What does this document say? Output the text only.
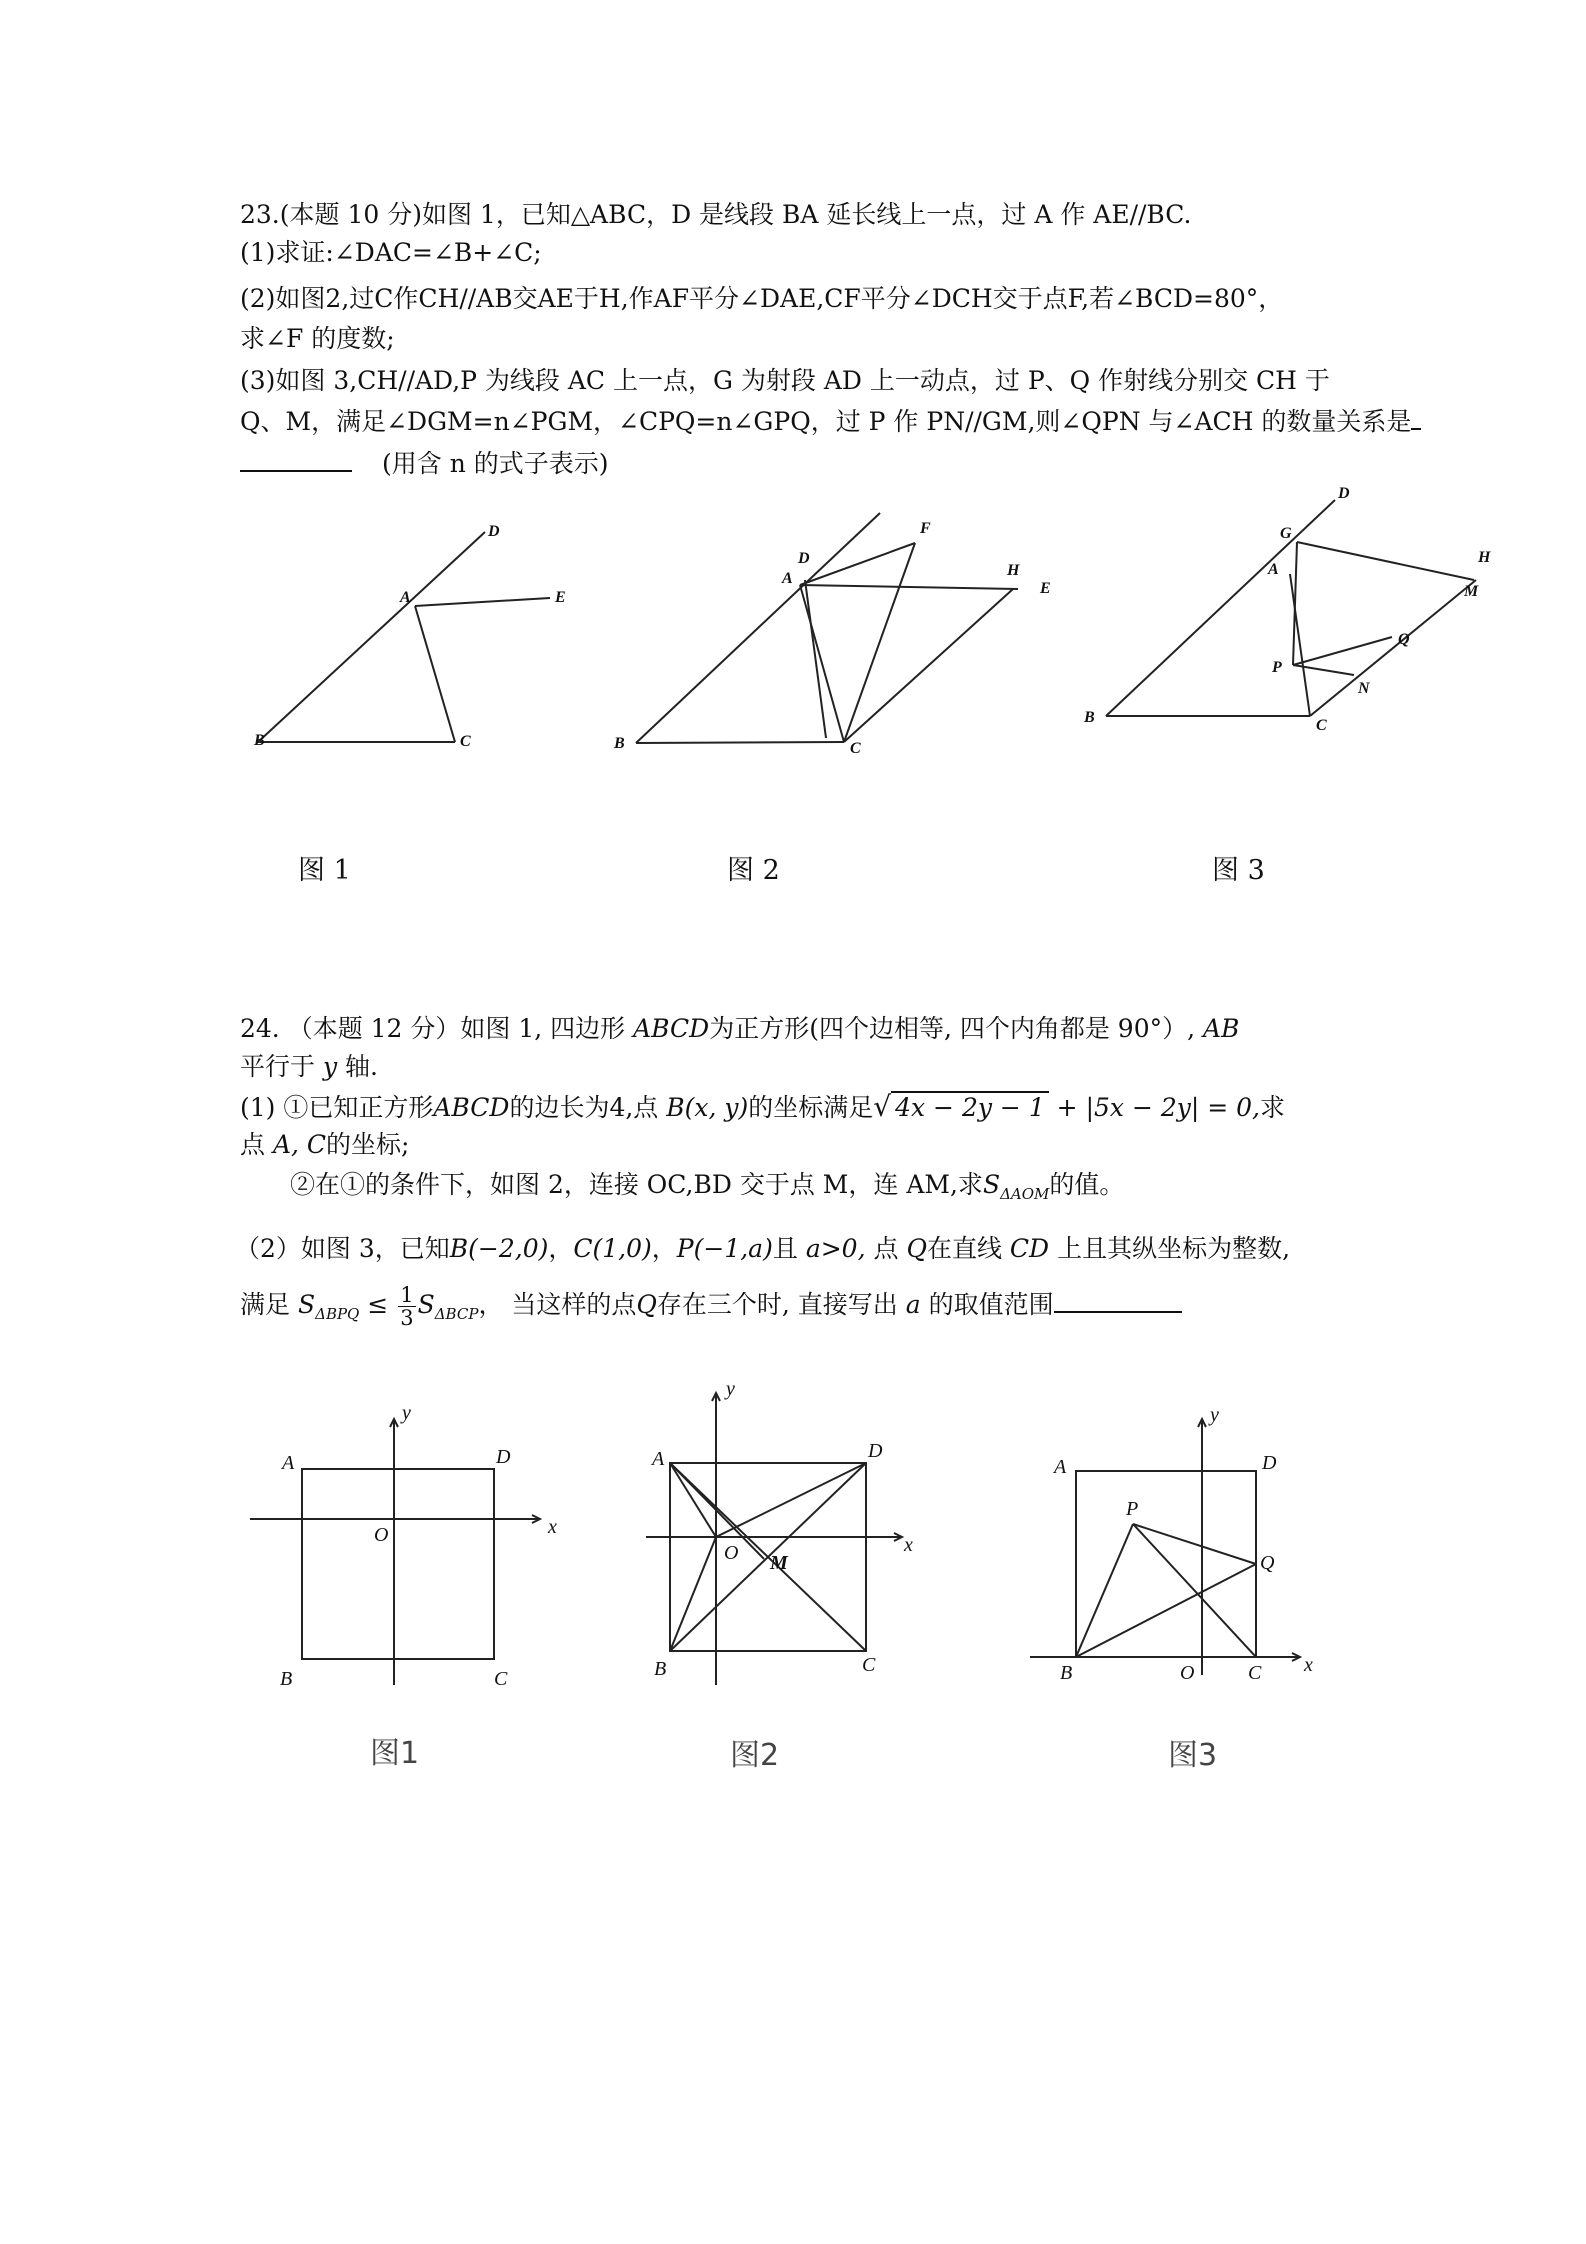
23.(本题 10 分)如图 1，已知△ABC，D 是线段 BA 延长线上一点，过 A 作 AE//BC.
(1)求证:∠DAC=∠B+∠C;
(2)如图2,过C作CH//AB交AE于H,作AF平分∠DAE,CF平分∠DCH交于点F,若∠BCD=80°，
求∠F 的度数;
(3)如图 3,CH//AD,P 为线段 AC 上一点，G 为射段 AD 上一动点，过 P、Q 作射线分别交 CH 于
Q、M，满足∠DGM=n∠PGM，∠CPQ=n∠GPQ，过 P 作 PN//GM,则∠QPN 与∠ACH 的数量关系是
(用含 n 的式子表示)
D
A	E
B	C
D
F
A	H
E
B	C
D
G
A
H
M
Q
P
N
B	C
图 1	图 2	图 3
24. （本题 12 分）如图 1, 四边形 ABCD为正方形(四个边相等, 四个内角都是 90°）, AB
平行于 y 轴.
(1) ①已知正方形ABCD的边长为4,点 B(x, y)的坐标满足√ 4x − 2y − 1 + |5x − 2y| = 0,求
点 A, C的坐标;
②在①的条件下，如图 2，连接 OC,BD 交于点 M，连 AM,求$S_{\Delta AOM}$的值。
（2）如图 3，已知B(−2,0)，C(1,0)，P(−1,a)且 a>0, 点 Q在直线 CD 上且其纵坐标为整数,
满足 $S_{\Delta BPQ} \le \frac{1}{3} S_{\Delta BCP}$， 当这样的点Q存在三个时, 直接写出 a 的取值范围
A	D
O	x
y
B	C
A	D
O M
x
y
B	C
A	D
P
Q
O	x
y
B	C
图1	图2	图3
